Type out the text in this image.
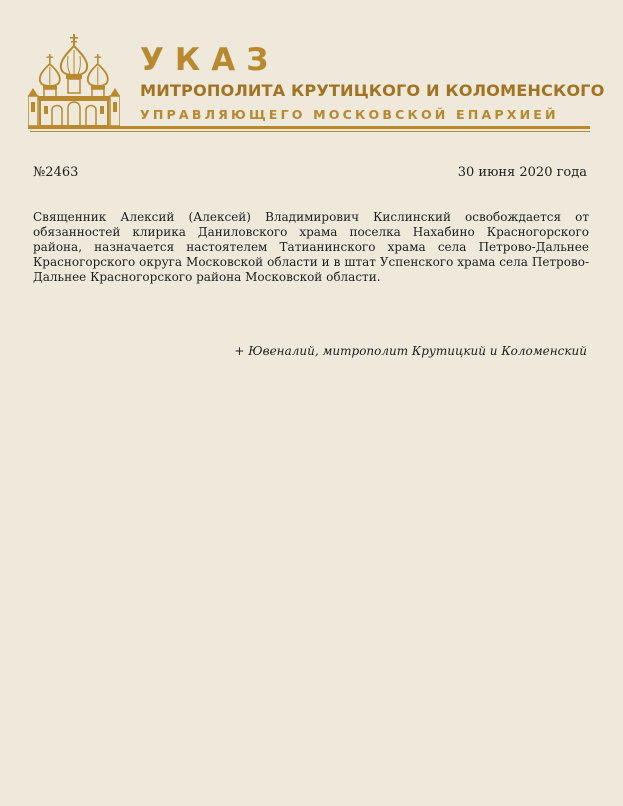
УКАЗ
МИТРОПОЛИТА КРУТИЦКОГО И КОЛОМЕНСКОГО
УПРАВЛЯЮЩЕГО МОСКОВСКОЙ ЕПАРХИЕЙ
№2463	30 июня 2020 года
Священник Алексий (Алексей) Владимирович Кислинский освобождается от обязанностей клирика Даниловского храма поселка Нахабино Красногорского района, назначается настоятелем Татианинского храма села Петрово-Дальнее Красногорского округа Московской области и в штат Успенского храма села Петрово-Дальнее Красногорского района Московской области.
+ Ювеналий, митрополит Крутицкий и Коломенский
